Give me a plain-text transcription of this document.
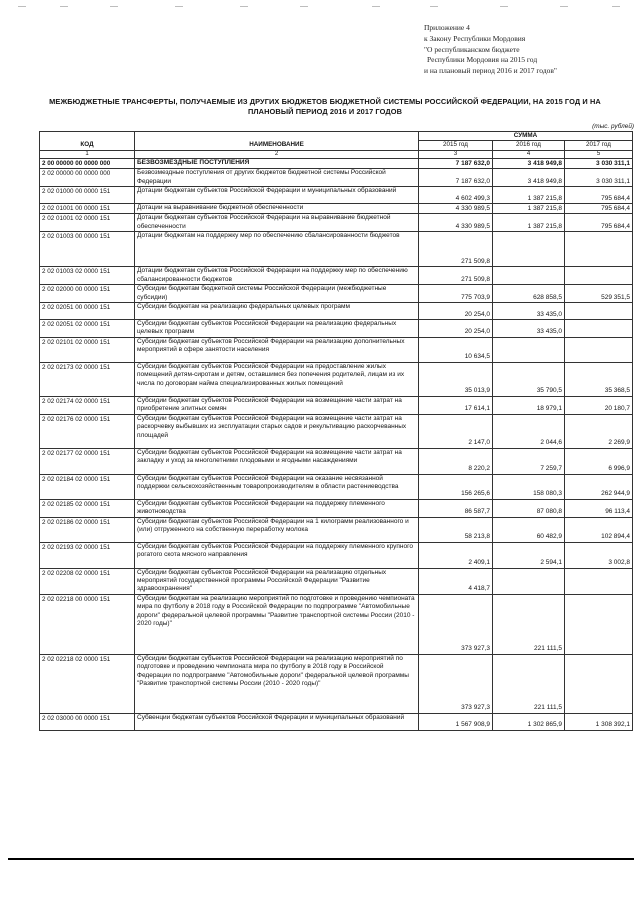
Приложение 4
к Закону Республики Мордовия
"О республиканском бюджете
Республики Мордовия на 2015 год
и на плановый период 2016 и 2017 годов"
МЕЖБЮДЖЕТНЫЕ ТРАНСФЕРТЫ, ПОЛУЧАЕМЫЕ ИЗ ДРУГИХ БЮДЖЕТОВ БЮДЖЕТНОЙ СИСТЕМЫ РОССИЙСКОЙ ФЕДЕРАЦИИ, НА 2015 ГОД И НА ПЛАНОВЫЙ ПЕРИОД 2016 И 2017 ГОДОВ
(тыс. рублей)
КОД	НАИМЕНОВАНИЕ	СУММА		
		2015 год	2016 год	2017 год
1	2	3	4	5
2 00 00000 00 0000 000	БЕЗВОЗМЕЗДНЫЕ ПОСТУПЛЕНИЯ	7 187 632,0	3 418 949,8	3 030 311,1
2 02 00000 00 0000 000	Безвозмездные поступления от других бюджетов бюджетной системы Российской Федерации	7 187 632,0	3 418 949,8	3 030 311,1
2 02 01000 00 0000 151	Дотации бюджетам субъектов Российской Федерации и муниципальных образований	4 602 499,3	1 387 215,8	795 684,4
2 02 01001 00 0000 151	Дотации на выравнивание бюджетной обеспеченности	4 330 989,5	1 387 215,8	795 684,4
2 02 01001 02 0000 151	Дотации бюджетам субъектов Российской Федерации на выравнивание бюджетной обеспеченности	4 330 989,5	1 387 215,8	795 684,4
2 02 01003 00 0000 151	Дотации бюджетам на поддержку мер по обеспечению сбалансированности бюджетов	271 509,8		
2 02 01003 02 0000 151	Дотации бюджетам субъектов Российской Федерации на поддержку мер по обеспечению сбалансированности бюджетов	271 509,8		
2 02 02000 00 0000 151	Субсидии бюджетам бюджетной системы Российской Федерации (межбюджетные субсидии)	775 703,9	628 858,5	529 351,5
2 02 02051 00 0000 151	Субсидии бюджетам на реализацию федеральных целевых программ	20 254,0	33 435,0	
2 02 02051 02 0000 151	Субсидии бюджетам субъектов Российской Федерации на реализацию федеральных целевых программ	20 254,0	33 435,0	
2 02 02101 02 0000 151	Субсидии бюджетам субъектов Российской Федерации на реализацию дополнительных мероприятий в сфере занятости населения	10 634,5		
2 02 02173 02 0000 151	Субсидии бюджетам субъектов Российской Федерации на предоставление жилых помещений детям-сиротам и детям, оставшимся без попечения родителей, лицам из их числа по договорам найма специализированных жилых помещений	35 013,9	35 790,5	35 368,5
2 02 02174 02 0000 151	Субсидии бюджетам субъектов Российской Федерации на возмещение части затрат на приобретение элитных семян	17 614,1	18 979,1	20 180,7
2 02 02176 02 0000 151	Субсидии бюджетам субъектов Российской Федерации на возмещение части затрат на раскорчевку выбывших из эксплуатации старых садов и рекультивацию раскорчеванных площадей	2 147,0	2 044,6	2 269,9
2 02 02177 02 0000 151	Субсидии бюджетам субъектов Российской Федерации на возмещение части затрат на закладку и уход за многолетними плодовыми и ягодными насаждениями	8 220,2	7 259,7	6 996,9
2 02 02184 02 0000 151	Субсидии бюджетам субъектов Российской Федерации на оказание несвязанной поддержки сельскохозяйственным товаропроизводителям в области растениеводства	156 265,6	158 080,3	262 944,9
2 02 02185 02 0000 151	Субсидии бюджетам субъектов Российской Федерации на поддержку племенного животноводства	86 587,7	87 080,8	96 113,4
2 02 02186 02 0000 151	Субсидии бюджетам субъектов Российской Федерации на 1 килограмм реализованного и (или) отгруженного на собственную переработку молока	58 213,8	60 482,9	102 894,4
2 02 02193 02 0000 151	Субсидии бюджетам субъектов Российской Федерации на поддержку племенного крупного рогатого скота мясного направления	2 409,1	2 594,1	3 002,8
2 02 02208 02 0000 151	Субсидии бюджетам субъектов Российской Федерации на реализацию отдельных мероприятий государственной программы Российской Федерации "Развитие здравоохранения"	4 418,7		
2 02 02218 00 0000 151	Субсидии бюджетам на реализацию мероприятий по подготовке и проведению чемпионата мира по футболу в 2018 году в Российской Федерации по подпрограмме "Автомобильные дороги" федеральной целевой программы "Развитие транспортной системы России (2010 - 2020 годы)"	373 927,3	221 111,5	
2 02 02218 02 0000 151	Субсидии бюджетам субъектов Российской Федерации на реализацию мероприятий по подготовке и проведению чемпионата мира по футболу в 2018 году в Российской Федерации по подпрограмме "Автомобильные дороги" федеральной целевой программы "Развитие транспортной системы России (2010 - 2020 годы)"	373 927,3	221 111,5	
2 02 03000 00 0000 151	Субвенции бюджетам субъектов Российской Федерации и муниципальных образований	1 567 908,9	1 302 865,9	1 308 392,1
